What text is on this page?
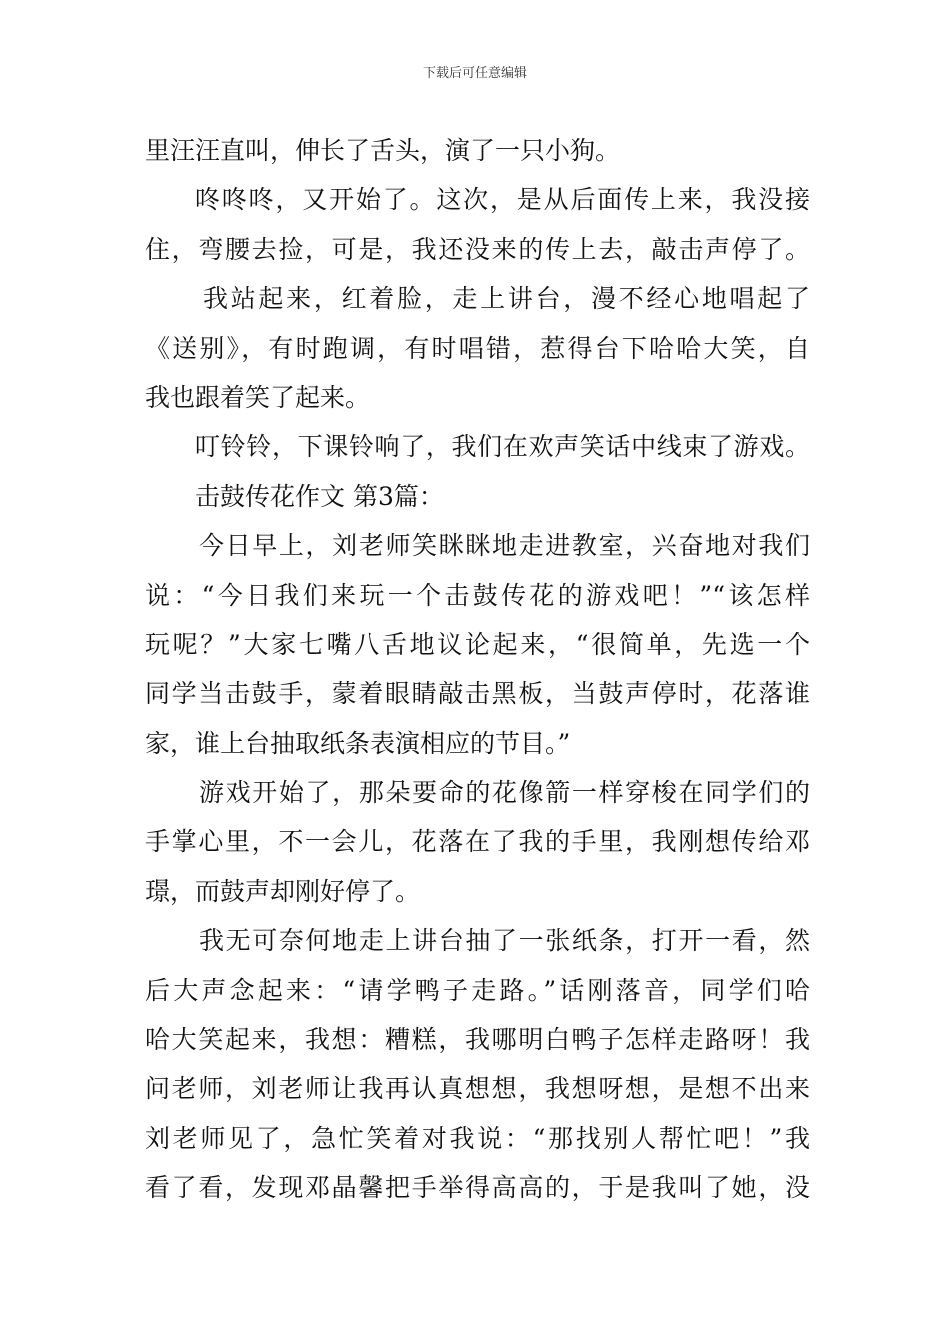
下载后可任意编辑
里汪汪直叫，伸长了舌头，演了一只小狗。
咚咚咚，又开始了。这次，是从后面传上来，我没接
住，弯腰去捡，可是，我还没来的传上去，敲击声停了。
我站起来，红着脸，走上讲台，漫不经心地唱起了
《送别》，有时跑调，有时唱错，惹得台下哈哈大笑，自
我也跟着笑了起来。
叮铃铃，下课铃响了，我们在欢声笑话中线束了游戏。
击鼓传花作文 第3篇：
今日早上，刘老师笑眯眯地走进教室，兴奋地对我们
说：“今日我们来玩一个击鼓传花的游戏吧！”“该怎样
玩呢？”大家七嘴八舌地议论起来，“很简单，先选一个
同学当击鼓手，蒙着眼睛敲击黑板，当鼓声停时，花落谁
家，谁上台抽取纸条表演相应的节目。”
游戏开始了，那朵要命的花像箭一样穿梭在同学们的
手掌心里，不一会儿，花落在了我的手里，我刚想传给邓
璟，而鼓声却刚好停了。
我无可奈何地走上讲台抽了一张纸条，打开一看，然
后大声念起来：“请学鸭子走路。”话刚落音，同学们哈
哈大笑起来，我想：糟糕，我哪明白鸭子怎样走路呀！我
问老师，刘老师让我再认真想想，我想呀想，是想不出来
刘老师见了，急忙笑着对我说：“那找别人帮忙吧！”我
看了看，发现邓晶馨把手举得高高的，于是我叫了她，没
